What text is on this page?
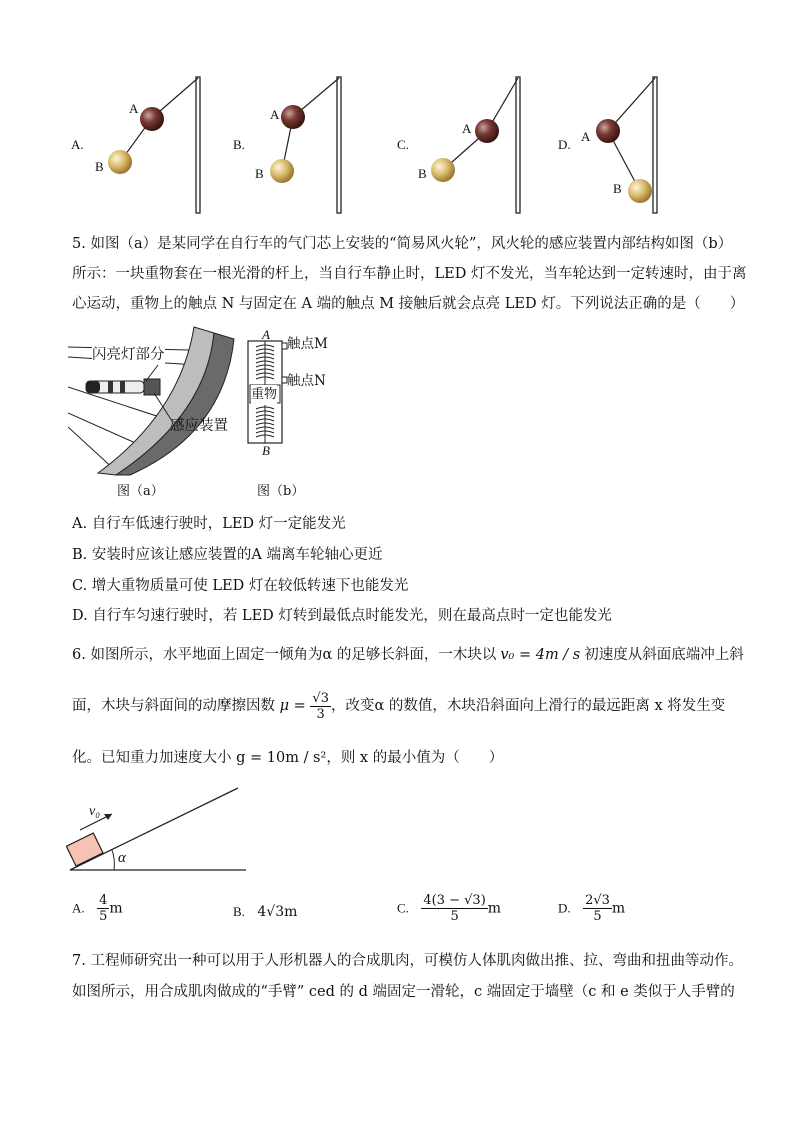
A.
A
B
B.
A
B
C.
A
B
D.
A
B
5. 如图（a）是某同学在自行车的气门芯上安装的“简易风火轮”，风火轮的感应装置内部结构如图（b）
所示：一块重物套在一根光滑的杆上，当自行车静止时，LED 灯不发光，当车轮达到一定转速时，由于离
心运动，重物上的触点 N 与固定在 A 端的触点 M 接触后就会点亮 LED 灯。下列说法正确的是（　　）
闪亮灯部分
感应装置
图（a）
A
B
触点M
触点N
重物
图（b）
A. 自行车低速行驶时，LED 灯一定能发光
B. 安装时应该让感应装置的A 端离车轮轴心更近
C. 增大重物质量可使 LED 灯在较低转速下也能发光
D. 自行车匀速行驶时，若 LED 灯转到最低点时能发光，则在最高点时一定也能发光
6. 如图所示，水平地面上固定一倾角为α 的足够长斜面，一木块以 v₀ = 4m / s 初速度从斜面底端冲上斜
面，木块与斜面间的动摩擦因数 $\mu = \frac{√3}{3}$ ，改变α 的数值，木块沿斜面向上滑行的最远距离 x 将发生变
化。已知重力加速度大小 g = 10m / s²，则 x 的最小值为（　　）
v₀
α
A. $\frac{4}{5}$ m	B. 4√3m	C. $\frac{4(3 - √3)}{5}$ m	D. $\frac{2√3}{5}$ m
7. 工程师研究出一种可以用于人形机器人的合成肌肉，可模仿人体肌肉做出推、拉、弯曲和扭曲等动作。
如图所示，用合成肌肉做成的“手臂” ced 的 d 端固定一滑轮，c 端固定于墙壁（c 和 e 类似于人手臂的
